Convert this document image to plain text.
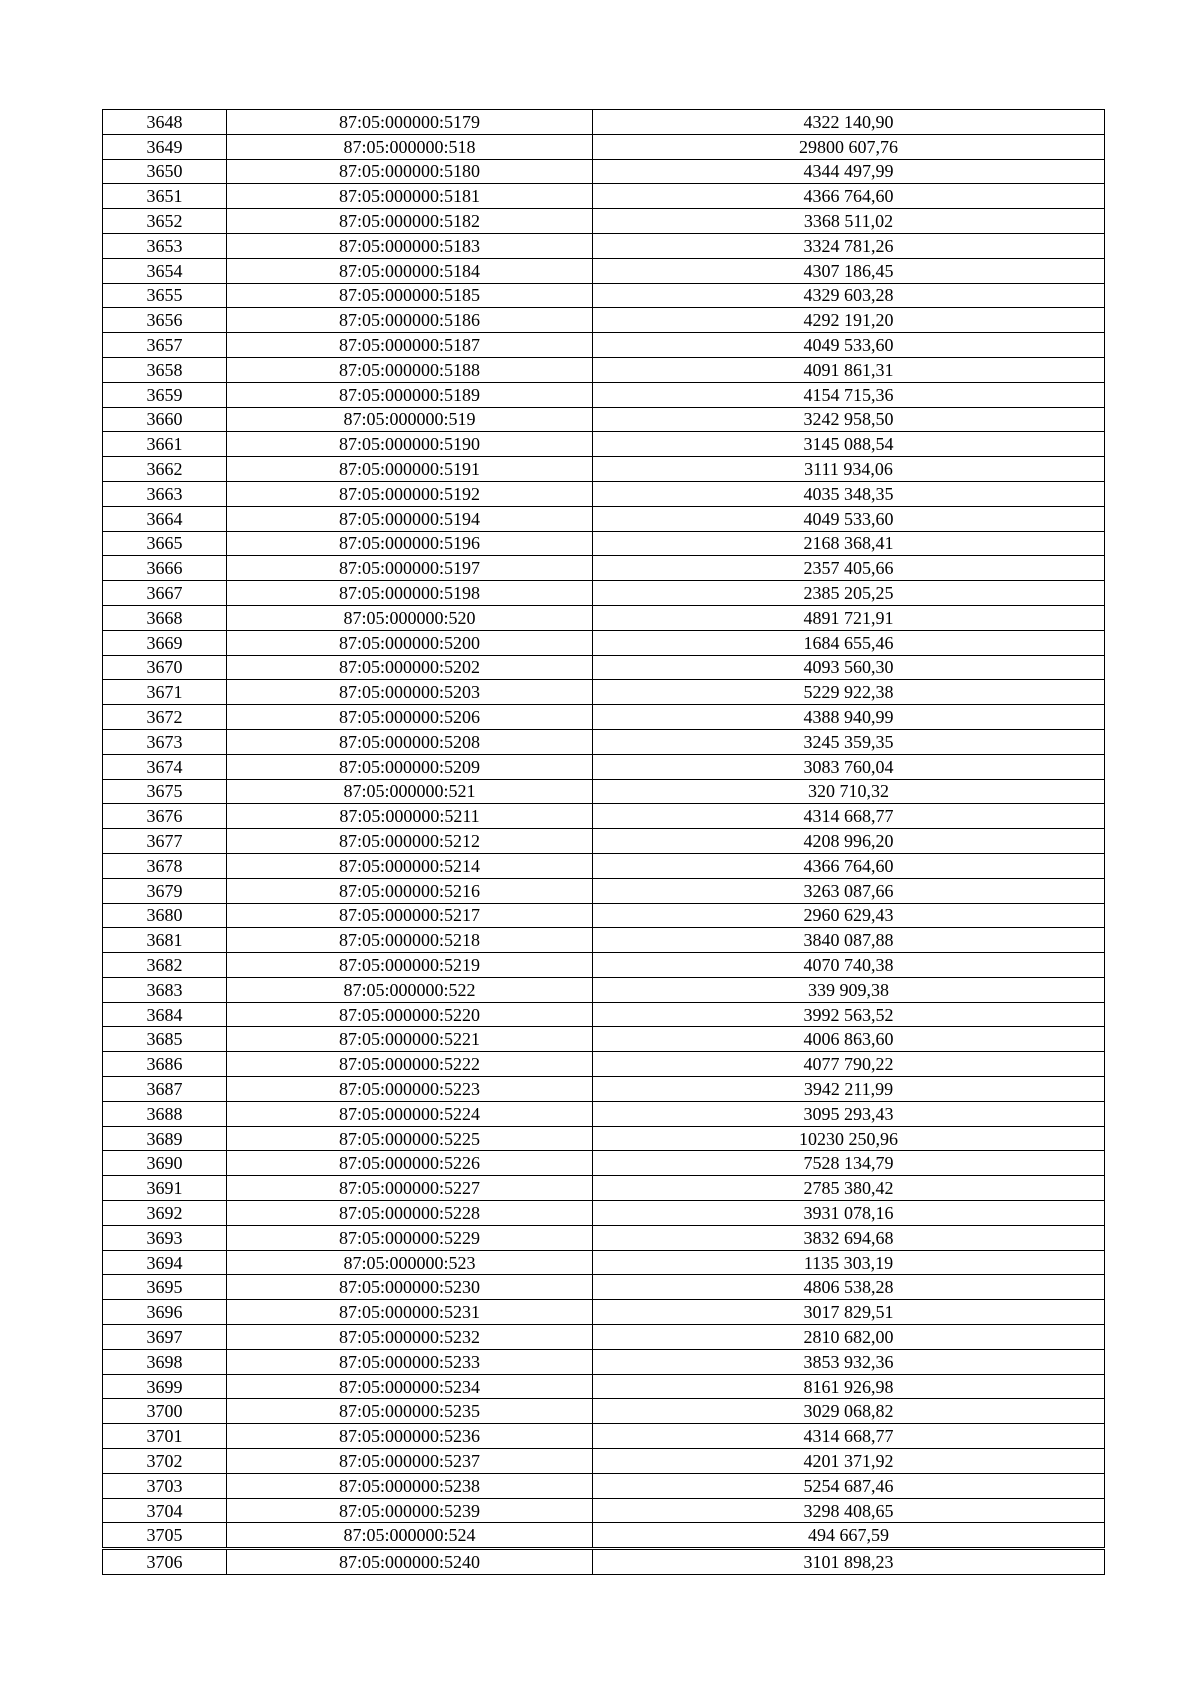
3648	87:05:000000:5179	4322 140,90
3649	87:05:000000:518	29800 607,76
3650	87:05:000000:5180	4344 497,99
3651	87:05:000000:5181	4366 764,60
3652	87:05:000000:5182	3368 511,02
3653	87:05:000000:5183	3324 781,26
3654	87:05:000000:5184	4307 186,45
3655	87:05:000000:5185	4329 603,28
3656	87:05:000000:5186	4292 191,20
3657	87:05:000000:5187	4049 533,60
3658	87:05:000000:5188	4091 861,31
3659	87:05:000000:5189	4154 715,36
3660	87:05:000000:519	3242 958,50
3661	87:05:000000:5190	3145 088,54
3662	87:05:000000:5191	3111 934,06
3663	87:05:000000:5192	4035 348,35
3664	87:05:000000:5194	4049 533,60
3665	87:05:000000:5196	2168 368,41
3666	87:05:000000:5197	2357 405,66
3667	87:05:000000:5198	2385 205,25
3668	87:05:000000:520	4891 721,91
3669	87:05:000000:5200	1684 655,46
3670	87:05:000000:5202	4093 560,30
3671	87:05:000000:5203	5229 922,38
3672	87:05:000000:5206	4388 940,99
3673	87:05:000000:5208	3245 359,35
3674	87:05:000000:5209	3083 760,04
3675	87:05:000000:521	320 710,32
3676	87:05:000000:5211	4314 668,77
3677	87:05:000000:5212	4208 996,20
3678	87:05:000000:5214	4366 764,60
3679	87:05:000000:5216	3263 087,66
3680	87:05:000000:5217	2960 629,43
3681	87:05:000000:5218	3840 087,88
3682	87:05:000000:5219	4070 740,38
3683	87:05:000000:522	339 909,38
3684	87:05:000000:5220	3992 563,52
3685	87:05:000000:5221	4006 863,60
3686	87:05:000000:5222	4077 790,22
3687	87:05:000000:5223	3942 211,99
3688	87:05:000000:5224	3095 293,43
3689	87:05:000000:5225	10230 250,96
3690	87:05:000000:5226	7528 134,79
3691	87:05:000000:5227	2785 380,42
3692	87:05:000000:5228	3931 078,16
3693	87:05:000000:5229	3832 694,68
3694	87:05:000000:523	1135 303,19
3695	87:05:000000:5230	4806 538,28
3696	87:05:000000:5231	3017 829,51
3697	87:05:000000:5232	2810 682,00
3698	87:05:000000:5233	3853 932,36
3699	87:05:000000:5234	8161 926,98
3700	87:05:000000:5235	3029 068,82
3701	87:05:000000:5236	4314 668,77
3702	87:05:000000:5237	4201 371,92
3703	87:05:000000:5238	5254 687,46
3704	87:05:000000:5239	3298 408,65
3705	87:05:000000:524	494 667,59
3706	87:05:000000:5240	3101 898,23
